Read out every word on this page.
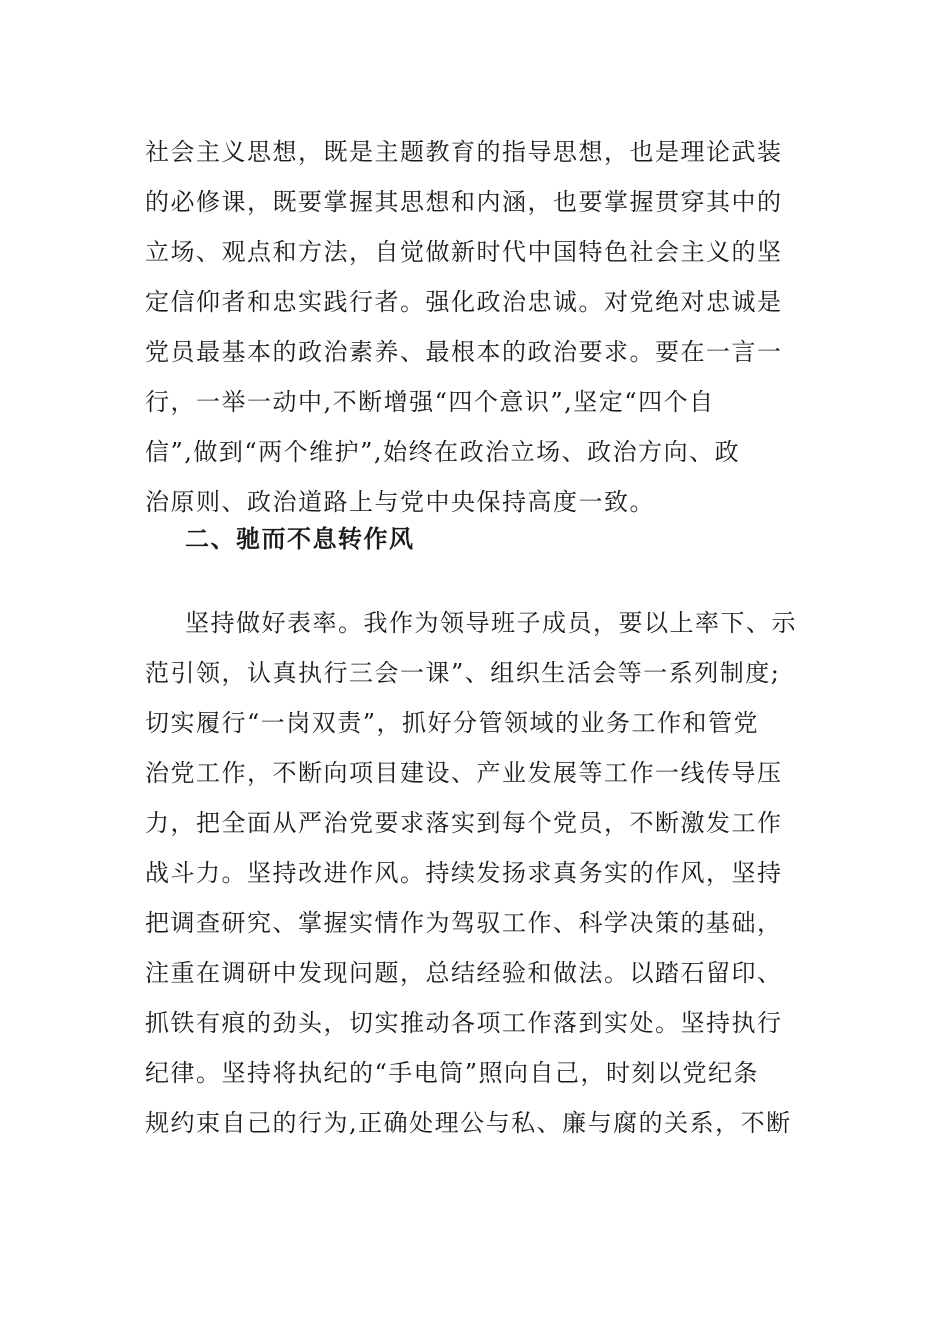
社会主义思想，既是主题教育的指导思想，也是理论武装
的必修课，既要掌握其思想和内涵，也要掌握贯穿其中的
立场、观点和方法，自觉做新时代中国特色社会主义的坚
定信仰者和忠实践行者。强化政治忠诚。对党绝对忠诚是
党员最基本的政治素养、最根本的政治要求。要在一言一
行，一举一动中,不断增强“四个意识”,坚定“四个自
信”,做到“两个维护”,始终在政治立场、政治方向、政
治原则、政治道路上与党中央保持高度一致。
二、驰而不息转作风
坚持做好表率。我作为领导班子成员，要以上率下、示
范引领，认真执行三会一课”、组织生活会等一系列制度;
切实履行“一岗双责”，抓好分管领域的业务工作和管党
治党工作，不断向项目建设、产业发展等工作一线传导压
力，把全面从严治党要求落实到每个党员，不断激发工作
战斗力。坚持改进作风。持续发扬求真务实的作风，坚持
把调查研究、掌握实情作为驾驭工作、科学决策的基础，
注重在调研中发现问题，总结经验和做法。以踏石留印、
抓铁有痕的劲头，切实推动各项工作落到实处。坚持执行
纪律。坚持将执纪的“手电筒”照向自己，时刻以党纪条
规约束自己的行为,正确处理公与私、廉与腐的关系，不断
